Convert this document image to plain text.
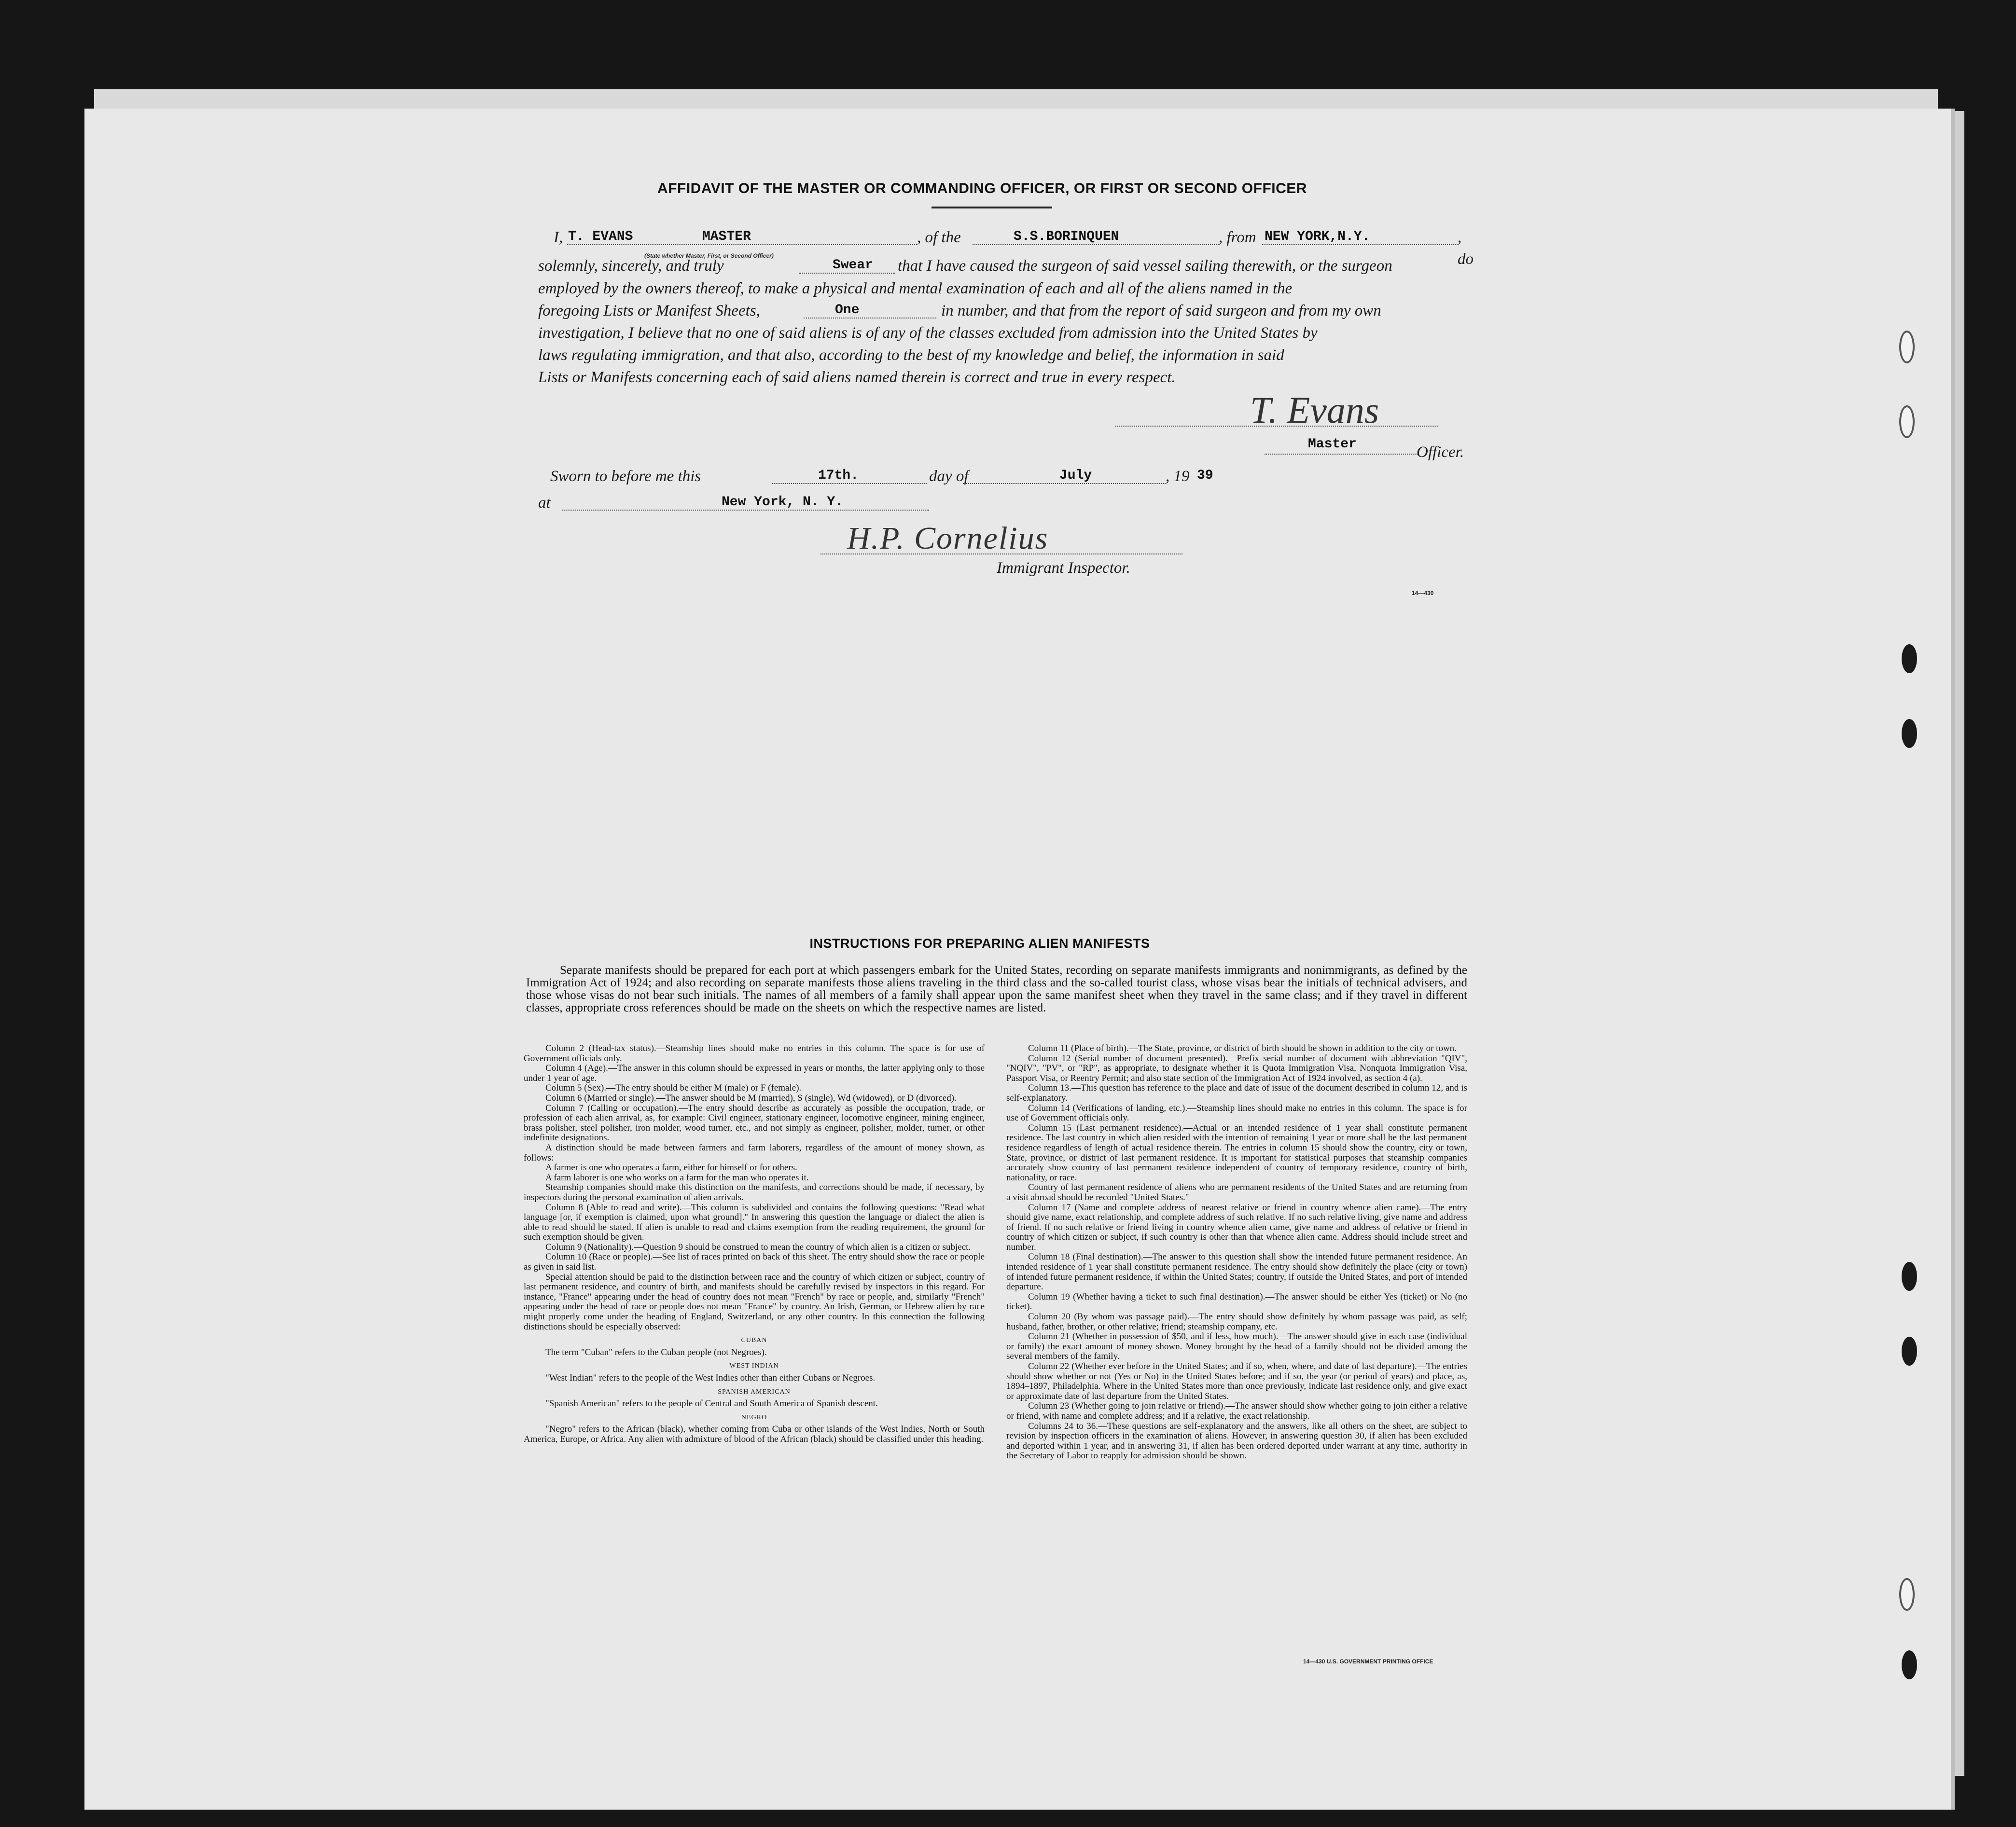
AFFIDAVIT OF THE MASTER OR COMMANDING OFFICER, OR FIRST OR SECOND OFFICER
I, T. EVANS	MASTER
(State whether Master, First, or Second Officer)
, of the	S.S.BORINQUEN	, from NEW YORK,N.Y.	, do
solemnly, sincerely, and truly	Swear that I have caused the surgeon of said vessel sailing therewith, or the surgeon
employed by the owners thereof, to make a physical and mental examination of each and all of the aliens named in the
foregoing Lists or Manifest Sheets,	One	in number, and that from the report of said surgeon and from my own
investigation, I believe that no one of said aliens is of any of the classes excluded from admission into the United States by
laws regulating immigration, and that also, according to the best of my knowledge and belief, the information in said
Lists or Manifests concerning each of said aliens named therein is correct and true in every respect.
T. Evans
Master	Officer.
Sworn to before me this	17th.	day of	July	, 19 39
at	New York, N. Y.
H.P. Cornelius
Immigrant Inspector.
14—430
INSTRUCTIONS FOR PREPARING ALIEN MANIFESTS
Separate manifests should be prepared for each port at which passengers embark for the United States, recording on separate manifests immigrants and nonimmigrants, as defined by the Immigration Act of 1924; and also recording on separate manifests those aliens traveling in the third class and the so-called tourist class, whose visas bear the initials of technical advisers, and those whose visas do not bear such initials. The names of all members of a family shall appear upon the same manifest sheet when they travel in the same class; and if they travel in different classes, appropriate cross references should be made on the sheets on which the respective names are listed.

Column 2 (Head-tax status).—Steamship lines should make no entries in this column. The space is for use of Government officials only.

Column 4 (Age).—The answer in this column should be expressed in years or months, the latter applying only to those under 1 year of age.

Column 5 (Sex).—The entry should be either M (male) or F (female).

Column 6 (Married or single).—The answer should be M (married), S (single), Wd (widowed), or D (divorced).

Column 7 (Calling or occupation).—The entry should describe as accurately as possible the occupation, trade, or profession of each alien arrival, as, for example: Civil engineer, stationary engineer, locomotive engineer, mining engineer, brass polisher, steel polisher, iron molder, wood turner, etc., and not simply as engineer, polisher, molder, turner, or other indefinite designations.

A distinction should be made between farmers and farm laborers, regardless of the amount of money shown, as follows:

A farmer is one who operates a farm, either for himself or for others.

A farm laborer is one who works on a farm for the man who operates it.

Steamship companies should make this distinction on the manifests, and corrections should be made, if necessary, by inspectors during the personal examination of alien arrivals.

Column 8 (Able to read and write).—This column is subdivided and contains the following questions: "Read what language [or, if exemption is claimed, upon what ground]." In answering this question the language or dialect the alien is able to read should be stated. If alien is unable to read and claims exemption from the reading requirement, the ground for such exemption should be given.

Column 9 (Nationality).—Question 9 should be construed to mean the country of which alien is a citizen or subject.

Column 10 (Race or people).—See list of races printed on back of this sheet. The entry should show the race or people as given in said list.

Special attention should be paid to the distinction between race and the country of which citizen or subject, country of last permanent residence, and country of birth, and manifests should be carefully revised by inspectors in this regard. For instance, "France" appearing under the head of country does not mean "French" by race or people, and, similarly "French" appearing under the head of race or people does not mean "France" by country. An Irish, German, or Hebrew alien by race might properly come under the heading of England, Switzerland, or any other country. In this connection the following distinctions should be especially observed:

CUBAN

The term "Cuban" refers to the Cuban people (not Negroes).

WEST INDIAN

"West Indian" refers to the people of the West Indies other than either Cubans or Negroes.

SPANISH AMERICAN

"Spanish American" refers to the people of Central and South America of Spanish descent.

NEGRO

"Negro" refers to the African (black), whether coming from Cuba or other islands of the West Indies, North or South America, Europe, or Africa. Any alien with admixture of blood of the African (black) should be classified under this heading.

Column 11 (Place of birth).—The State, province, or district of birth should be shown in addition to the city or town.

Column 12 (Serial number of document presented).—Prefix serial number of document with abbreviation "QIV", "NQIV", "PV", or "RP", as appropriate, to designate whether it is Quota Immigration Visa, Nonquota Immigration Visa, Passport Visa, or Reentry Permit; and also state section of the Immigration Act of 1924 involved, as section 4 (a).

Column 13.—This question has reference to the place and date of issue of the document described in column 12, and is self-explanatory.

Column 14 (Verifications of landing, etc.).—Steamship lines should make no entries in this column. The space is for use of Government officials only.

Column 15 (Last permanent residence).—Actual or an intended residence of 1 year shall constitute permanent residence. The last country in which alien resided with the intention of remaining 1 year or more shall be the last permanent residence regardless of length of actual residence therein. The entries in column 15 should show the country, city or town, State, province, or district of last permanent residence. It is important for statistical purposes that steamship companies accurately show country of last permanent residence independent of country of temporary residence, country of birth, nationality, or race.

Country of last permanent residence of aliens who are permanent residents of the United States and are returning from a visit abroad should be recorded "United States."

Column 17 (Name and complete address of nearest relative or friend in country whence alien came).—The entry should give name, exact relationship, and complete address of such relative. If no such relative living, give name and address of friend. If no such relative or friend living in country whence alien came, give name and address of relative or friend in country of which citizen or subject, if such country is other than that whence alien came. Address should include street and number.

Column 18 (Final destination).—The answer to this question shall show the intended future permanent residence. An intended residence of 1 year shall constitute permanent residence. The entry should show definitely the place (city or town) of intended future permanent residence, if within the United States; country, if outside the United States, and port of intended departure.

Column 19 (Whether having a ticket to such final destination).—The answer should be either Yes (ticket) or No (no ticket).

Column 20 (By whom was passage paid).—The entry should show definitely by whom passage was paid, as self; husband, father, brother, or other relative; friend; steamship company, etc.

Column 21 (Whether in possession of $50, and if less, how much).—The answer should give in each case (individual or family) the exact amount of money shown. Money brought by the head of a family should not be divided among the several members of the family.

Column 22 (Whether ever before in the United States; and if so, when, where, and date of last departure).—The entries should show whether or not (Yes or No) in the United States before; and if so, the year (or period of years) and place, as, 1894–1897, Philadelphia. Where in the United States more than once previously, indicate last residence only, and give exact or approximate date of last departure from the United States.

Column 23 (Whether going to join relative or friend).—The answer should show whether going to join either a relative or friend, with name and complete address; and if a relative, the exact relationship.

Columns 24 to 36.—These questions are self-explanatory and the answers, like all others on the sheet, are subject to revision by inspection officers in the examination of aliens. However, in answering question 30, if alien has been excluded and deported within 1 year, and in answering 31, if alien has been ordered deported under warrant at any time, authority in the Secretary of Labor to reapply for admission should be shown.

14—430 U.S. GOVERNMENT PRINTING OFFICE
